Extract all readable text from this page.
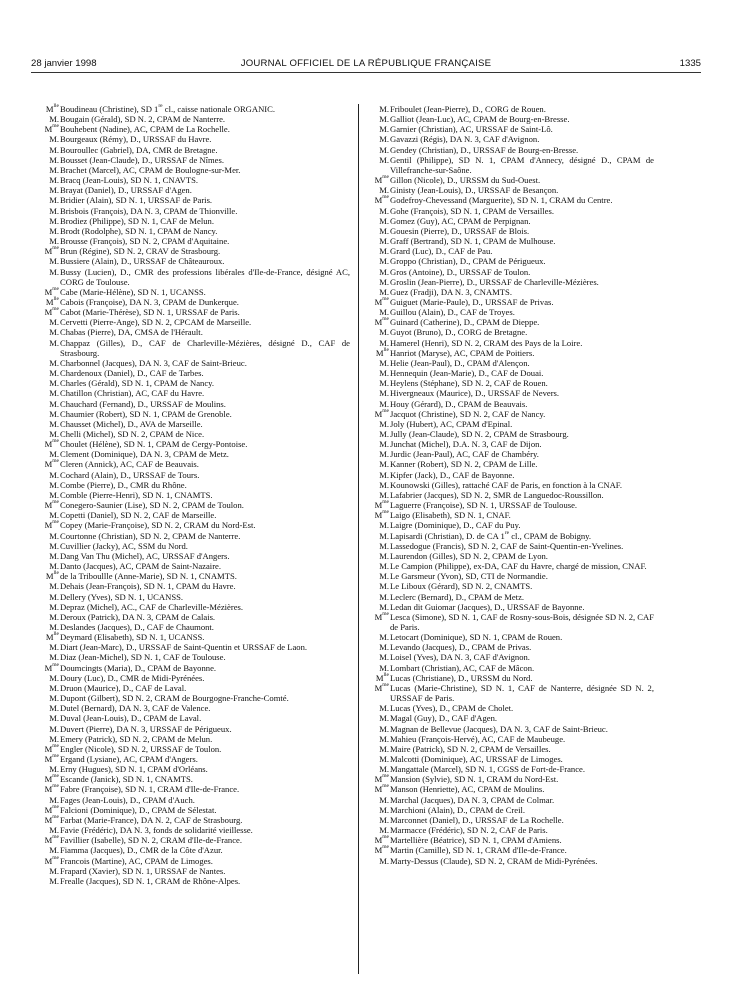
28 janvier 1998	JOURNAL OFFICIEL DE LA RÉPUBLIQUE FRANÇAISE	1335
$M^{lle}$ Boudineau (Christine), SD 1re cl., caisse nationale ORGANIC.
M. Bougain (Gérald), SD N. 2, CPAM de Nanterre.
$M^{me}$ Bouhebent (Nadine), AC, CPAM de La Rochelle.
M. Bourgeaux (Rémy), D., URSSAF du Havre.
M. Bouroullec (Gabriel), DA, CMR de Bretagne.
M. Bousset (Jean-Claude), D., URSSAF de Nîmes.
M. Brachet (Marcel), AC, CPAM de Boulogne-sur-Mer.
M. Bracq (Jean-Louis), SD N. 1, CNAVTS.
M. Brayat (Daniel), D., URSSAF d'Agen.
M. Bridier (Alain), SD N. 1, URSSAF de Paris.
M. Brisbois (François), DA N. 3, CPAM de Thionville.
M. Brodiez (Philippe), SD N. 1, CAF de Melun.
M. Brodt (Rodolphe), SD N. 1, CPAM de Nancy.
M. Brousse (François), SD N. 2, CPAM d'Aquitaine.
$M^{me}$ Brun (Régine), SD N. 2, CRAV de Strasbourg.
M. Bussiere (Alain), D., URSSAF de Châteauroux.
M. Bussy (Lucien), D., CMR des professions libérales d'Ile-de-France, désigné AC, CORG de Toulouse.
$M^{me}$ Cabe (Marie-Hélène), SD N. 1, UCANSS.
$M^{lle}$ Cabois (Françoise), DA N. 3, CPAM de Dunkerque.
$M^{me}$ Cabot (Marie-Thérèse), SD N. 1, URSSAF de Paris.
M. Cervetti (Pierre-Ange), SD N. 2, CPCAM de Marseille.
M. Chabas (Pierre), DA, CMSA de l'Hérault.
M. Chappaz (Gilles), D., CAF de Charleville-Mézières, désigné D., CAF de Strasbourg.
M. Charbonnel (Jacques), DA N. 3, CAF de Saint-Brieuc.
M. Chardenoux (Daniel), D., CAF de Tarbes.
M. Charles (Gérald), SD N. 1, CPAM de Nancy.
M. Chatillon (Christian), AC, CAF du Havre.
M. Chauchard (Fernand), D., URSSAF de Moulins.
M. Chaumier (Robert), SD N. 1, CPAM de Grenoble.
M. Chausset (Michel), D., AVA de Marseille.
M. Chelli (Michel), SD N. 2, CPAM de Nice.
$M^{me}$ Choulet (Hélène), SD N. 1, CPAM de Cergy-Pontoise.
M. Clement (Dominique), DA N. 3, CPAM de Metz.
$M^{me}$ Cleren (Annick), AC, CAF de Beauvais.
M. Cochard (Alain), D., URSSAF de Tours.
M. Combe (Pierre), D., CMR du Rhône.
M. Comble (Pierre-Henri), SD N. 1, CNAMTS.
$M^{me}$ Conegero-Saunier (Lise), SD N. 2, CPAM de Toulon.
M. Copetti (Daniel), SD N. 2, CAF de Marseille.
$M^{me}$ Copey (Marie-Françoise), SD N. 2, CRAM du Nord-Est.
M. Courtonne (Christian), SD N. 2, CPAM de Nanterre.
M. Cuvillier (Jacky), AC, SSM du Nord.
M. Dang Van Thu (Michel), AC, URSSAF d'Angers.
M. Danto (Jacques), AC, CPAM de Saint-Nazaire.
$M^{lle}$ de la Triboullle (Anne-Marie), SD N. 1, CNAMTS.
M. Dehais (Jean-François), SD N. 1, CPAM du Havre.
M. Dellery (Yves), SD N. 1, UCANSS.
M. Depraz (Michel), AC., CAF de Charleville-Mézières.
M. Deroux (Patrick), DA N. 3, CPAM de Calais.
M. Deslandes (Jacques), D., CAF de Chaumont.
$M^{lle}$ Deymard (Elisabeth), SD N. 1, UCANSS.
M. Diart (Jean-Marc), D., URSSAF de Saint-Quentin et URSSAF de Laon.
M. Diaz (Jean-Michel), SD N. 1, CAF de Toulouse.
$M^{me}$ Doumcingts (Maria), D., CPAM de Bayonne.
M. Doury (Luc), D., CMR de Midi-Pyrénées.
M. Druon (Maurice), D., CAF de Laval.
M. Dupont (Gilbert), SD N. 2, CRAM de Bourgogne-Franche-Comté.
M. Dutel (Bernard), DA N. 3, CAF de Valence.
M. Duval (Jean-Louis), D., CPAM de Laval.
M. Duvert (Pierre), DA N. 3, URSSAF de Périgueux.
M. Emery (Patrick), SD N. 2, CPAM de Melun.
$M^{me}$ Engler (Nicole), SD N. 2, URSSAF de Toulon.
$M^{me}$ Ergand (Lysiane), AC, CPAM d'Angers.
M. Erny (Hugues), SD N. 1, CPAM d'Orléans.
$M^{me}$ Escande (Janick), SD N. 1, CNAMTS.
$M^{me}$ Fabre (Françoise), SD N. 1, CRAM d'Ile-de-France.
M. Fages (Jean-Louis), D., CPAM d'Auch.
$M^{me}$ Falcioni (Dominique), D., CPAM de Sélestat.
$M^{me}$ Farbat (Marie-France), DA N. 2, CAF de Strasbourg.
M. Favie (Frédéric), DA N. 3, fonds de solidarité vieillesse.
$M^{me}$ Favillier (Isabelle), SD N. 2, CRAM d'Ile-de-France.
M. Fiamma (Jacques), D., CMR de la Côte d'Azur.
$M^{me}$ Francois (Martine), AC, CPAM de Limoges.
M. Frapard (Xavier), SD N. 1, URSSAF de Nantes.
M. Frealle (Jacques), SD N. 1, CRAM de Rhône-Alpes.
M. Friboulet (Jean-Pierre), D., CORG de Rouen.
M. Galliot (Jean-Luc), AC, CPAM de Bourg-en-Bresse.
M. Garnier (Christian), AC, URSSAF de Saint-Lô.
M. Gavazzi (Régis), DA N. 3, CAF d'Avignon.
M. Gendey (Christian), D., URSSAF de Bourg-en-Bresse.
M. Gentil (Philippe), SD N. 1, CPAM d'Annecy, désigné D., CPAM de Villefranche-sur-Saône.
$M^{me}$ Gillon (Nicole), D., URSSM du Sud-Ouest.
M. Ginisty (Jean-Louis), D., URSSAF de Besançon.
$M^{me}$ Godefroy-Chevessand (Marguerite), SD N. 1, CRAM du Centre.
M. Gohe (François), SD N. 1, CPAM de Versailles.
M. Gomez (Guy), AC, CPAM de Perpignan.
M. Gouesin (Pierre), D., URSSAF de Blois.
M. Graff (Bertrand), SD N. 1, CPAM de Mulhouse.
M. Grard (Luc), D., CAF de Pau.
M. Groppo (Christian), D., CPAM de Périgueux.
M. Gros (Antoine), D., URSSAF de Toulon.
M. Groslin (Jean-Pierre), D., URSSAF de Charleville-Mézières.
M. Guez (Fradji), DA N. 3, CNAMTS.
$M^{me}$ Guiguet (Marie-Paule), D., URSSAF de Privas.
M. Guillou (Alain), D., CAF de Troyes.
$M^{me}$ Guinard (Catherine), D., CPAM de Dieppe.
M. Guyot (Bruno), D., CORG de Bretagne.
M. Hamerel (Henri), SD N. 2, CRAM des Pays de la Loire.
$M^{lle}$ Hanriot (Maryse), AC, CPAM de Poitiers.
M. Helie (Jean-Paul), D., CPAM d'Alençon.
M. Hennequin (Jean-Marie), D., CAF de Douai.
M. Heylens (Stéphane), SD N. 2, CAF de Rouen.
M. Hivergneaux (Maurice), D., URSSAF de Nevers.
M. Houy (Gérard), D., CPAM de Beauvais.
$M^{me}$ Jacquot (Christine), SD N. 2, CAF de Nancy.
M. Joly (Hubert), AC, CPAM d'Epinal.
M. Jully (Jean-Claude), SD N. 2, CPAM de Strasbourg.
M. Junchat (Michel), D.A. N. 3, CAF de Dijon.
M. Jurdic (Jean-Paul), AC, CAF de Chambéry.
M. Kanner (Robert), SD N. 2, CPAM de Lille.
M. Kipfer (Jack), D., CAF de Bayonne.
M. Kounowski (Gilles), rattaché CAF de Paris, en fonction à la CNAF.
M. Lafabrier (Jacques), SD N. 2, SMR de Languedoc-Roussillon.
$M^{me}$ Laguerre (Françoise), SD N. 1, URSSAF de Toulouse.
$M^{me}$ Laigo (Elisabeth), SD N. 1, CNAF.
M. Laigre (Dominique), D., CAF du Puy.
M. Lapisardi (Christian), D. de CA 1re cl., CPAM de Bobigny.
M. Lassedogue (Francis), SD N. 2, CAF de Saint-Quentin-en-Yvelines.
M. Laurendon (Gilles), SD N. 2, CPAM de Lyon.
M. Le Campion (Philippe), ex-DA, CAF du Havre, chargé de mission, CNAF.
M. Le Garsmeur (Yvon), SD, CTI de Normandie.
M. Le Liboux (Gérard), SD N. 2, CNAMTS.
M. Leclerc (Bernard), D., CPAM de Metz.
M. Ledan dit Guiomar (Jacques), D., URSSAF de Bayonne.
$M^{me}$ Lesca (Simone), SD N. 1, CAF de Rosny-sous-Bois, désignée SD N. 2, CAF de Paris.
M. Letocart (Dominique), SD N. 1, CPAM de Rouen.
M. Levando (Jacques), D., CPAM de Privas.
M. Loisel (Yves), DA N. 3, CAF d'Avignon.
M. Lombart (Christian), AC, CAF de Mâcon.
$M^{lle}$ Lucas (Christiane), D., URSSM du Nord.
$M^{me}$ Lucas (Marie-Christine), SD N. 1, CAF de Nanterre, désignée SD N. 2, URSSAF de Paris.
M. Lucas (Yves), D., CPAM de Cholet.
M. Magal (Guy), D., CAF d'Agen.
M. Magnan de Bellevue (Jacques), DA N. 3, CAF de Saint-Brieuc.
M. Mahieu (François-Hervé), AC, CAF de Maubeuge.
M. Maire (Patrick), SD N. 2, CPAM de Versailles.
M. Malcotti (Dominique), AC, URSSAF de Limoges.
M. Mangattale (Marcel), SD N. 1, CGSS de Fort-de-France.
$M^{me}$ Mansion (Sylvie), SD N. 1, CRAM du Nord-Est.
$M^{me}$ Manson (Henriette), AC, CPAM de Moulins.
M. Marchal (Jacques), DA N. 3, CPAM de Colmar.
M. Marchioni (Alain), D., CPAM de Creil.
M. Marconnet (Daniel), D., URSSAF de La Rochelle.
M. Marmacce (Frédéric), SD N. 2, CAF de Paris.
$M^{me}$ Martellière (Béatrice), SD N. 1, CPAM d'Amiens.
$M^{me}$ Martin (Camille), SD N. 1, CRAM d'Ile-de-France.
M. Marty-Dessus (Claude), SD N. 2, CRAM de Midi-Pyrénées.
